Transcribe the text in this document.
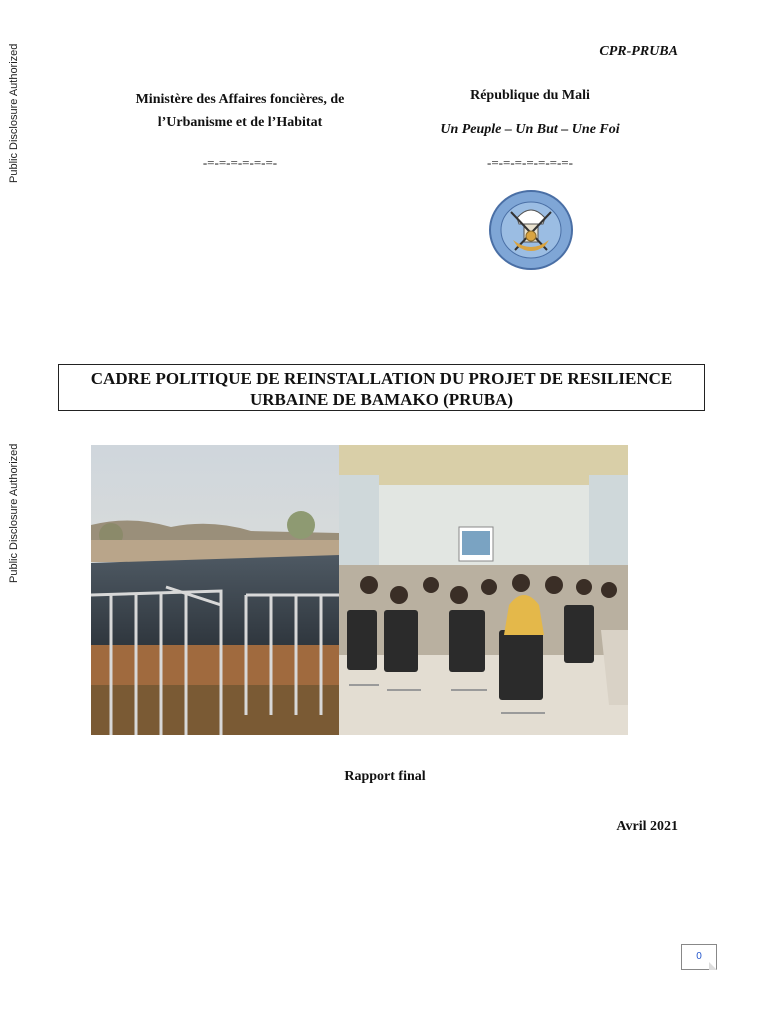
Public Disclosure Authorized
Public Disclosure Authorized
CPR-PRUBA
Ministère des Affaires foncières, de
l’Urbanisme et de l’Habitat
-=-=-=-=-=-=-
République du Mali
Un Peuple – Un But – Une Foi
-=-=-=-=-=-=-=-
CADRE POLITIQUE DE REINSTALLATION DU PROJET DE RESILIENCE
URBAINE DE BAMAKO (PRUBA)
Rapport final
Avril 2021
0
